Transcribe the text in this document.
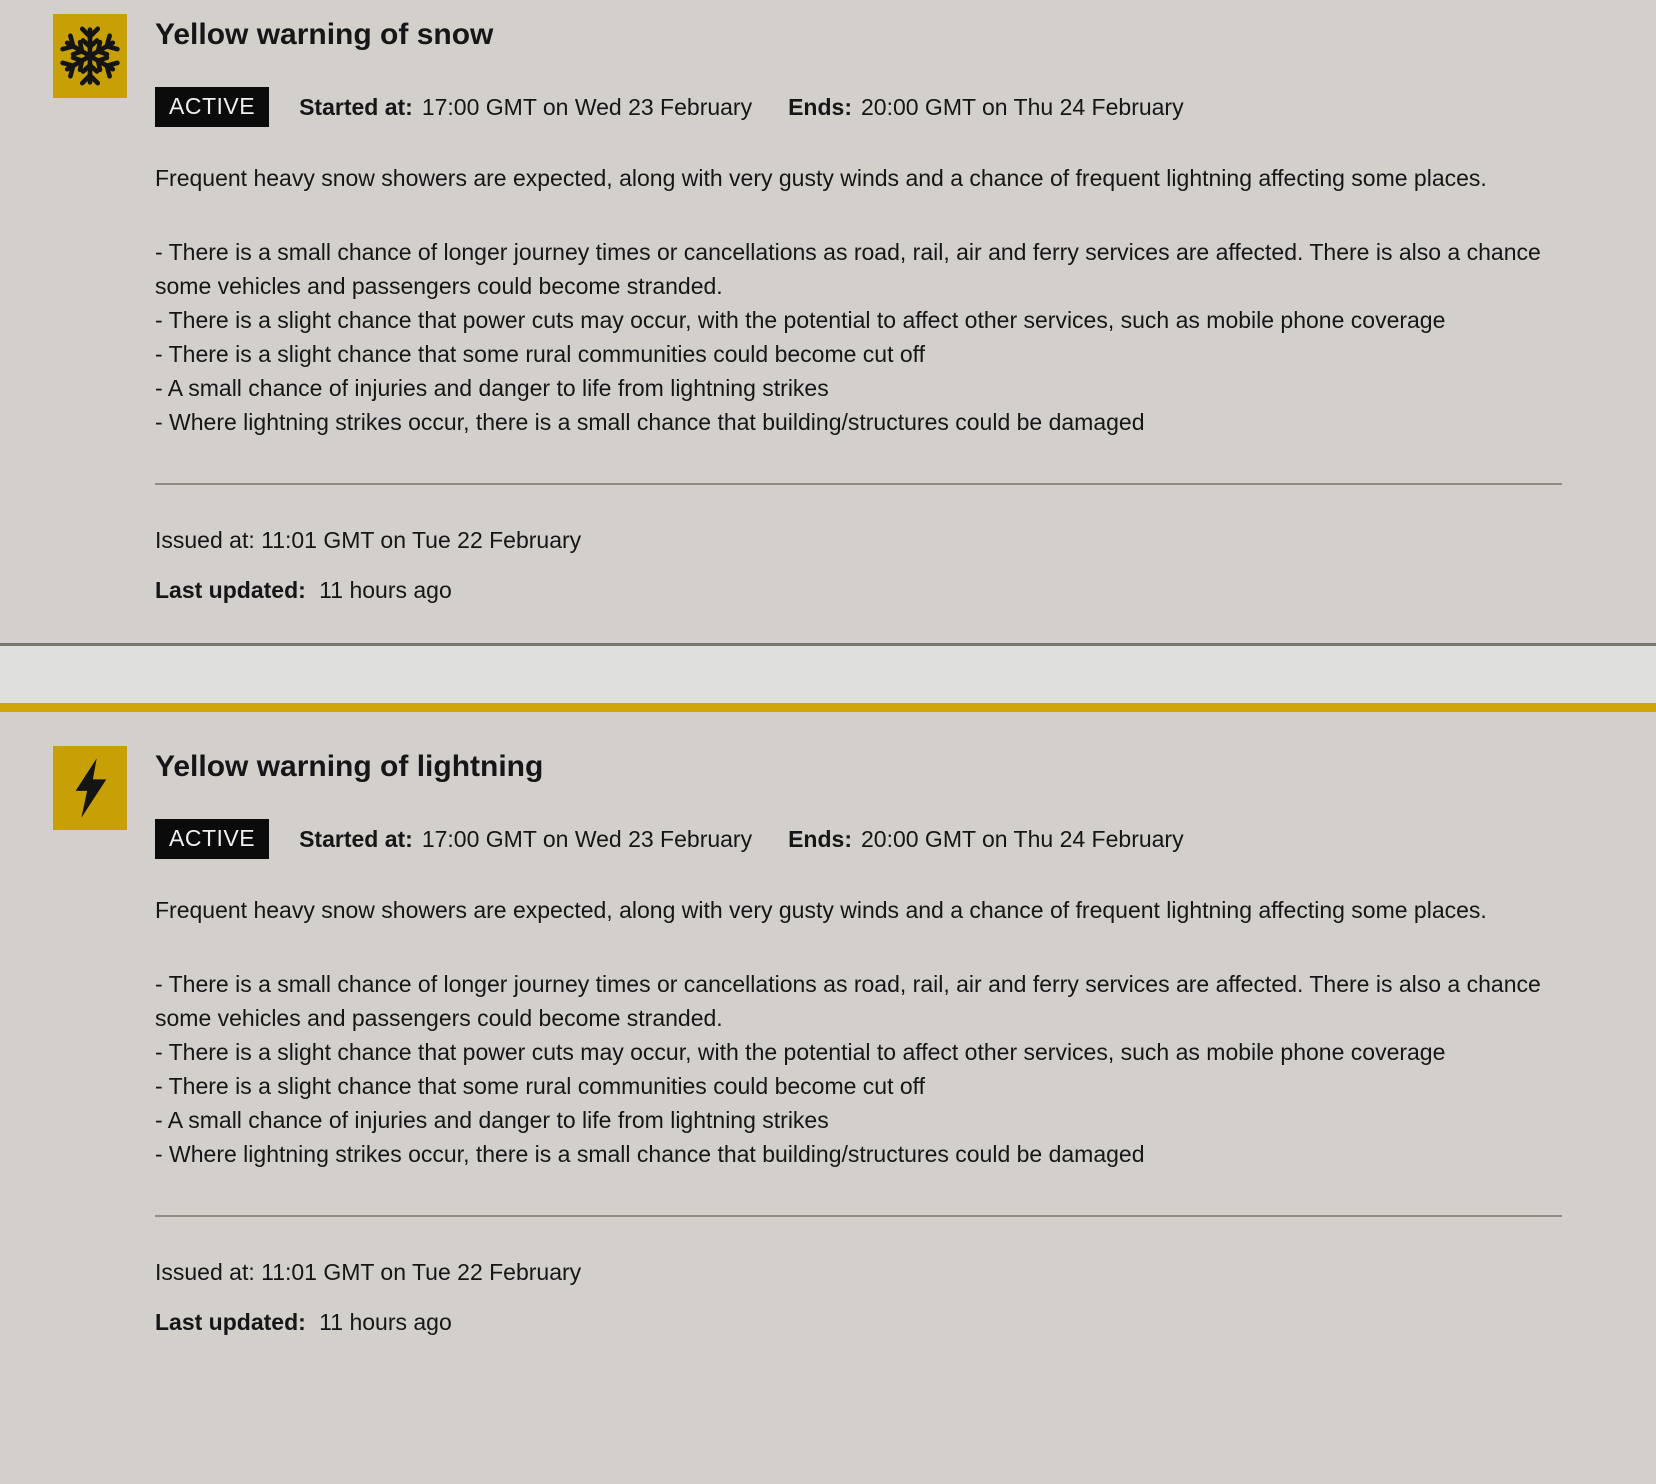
Yellow warning of snow
ACTIVE	Started at: 17:00 GMT on Wed 23 February Ends: 20:00 GMT on Thu 24 February

Frequent heavy snow showers are expected, along with very gusty winds and a chance of frequent lightning affecting some places.

- There is a small chance of longer journey times or cancellations as road, rail, air and ferry services are affected. There is also a chance some vehicles and passengers could become stranded.

- There is a slight chance that power cuts may occur, with the potential to affect other services, such as mobile phone coverage

- There is a slight chance that some rural communities could become cut off

- A small chance of injuries and danger to life from lightning strikes

- Where lightning strikes occur, there is a small chance that building/structures could be damaged

Issued at: 11:01 GMT on Tue 22 February

Last updated: 11 hours ago

Yellow warning of lightning
ACTIVE	Started at: 17:00 GMT on Wed 23 February Ends: 20:00 GMT on Thu 24 February

Frequent heavy snow showers are expected, along with very gusty winds and a chance of frequent lightning affecting some places.

- There is a small chance of longer journey times or cancellations as road, rail, air and ferry services are affected. There is also a chance some vehicles and passengers could become stranded.

- There is a slight chance that power cuts may occur, with the potential to affect other services, such as mobile phone coverage

- There is a slight chance that some rural communities could become cut off

- A small chance of injuries and danger to life from lightning strikes

- Where lightning strikes occur, there is a small chance that building/structures could be damaged

Issued at: 11:01 GMT on Tue 22 February

Last updated: 11 hours ago
